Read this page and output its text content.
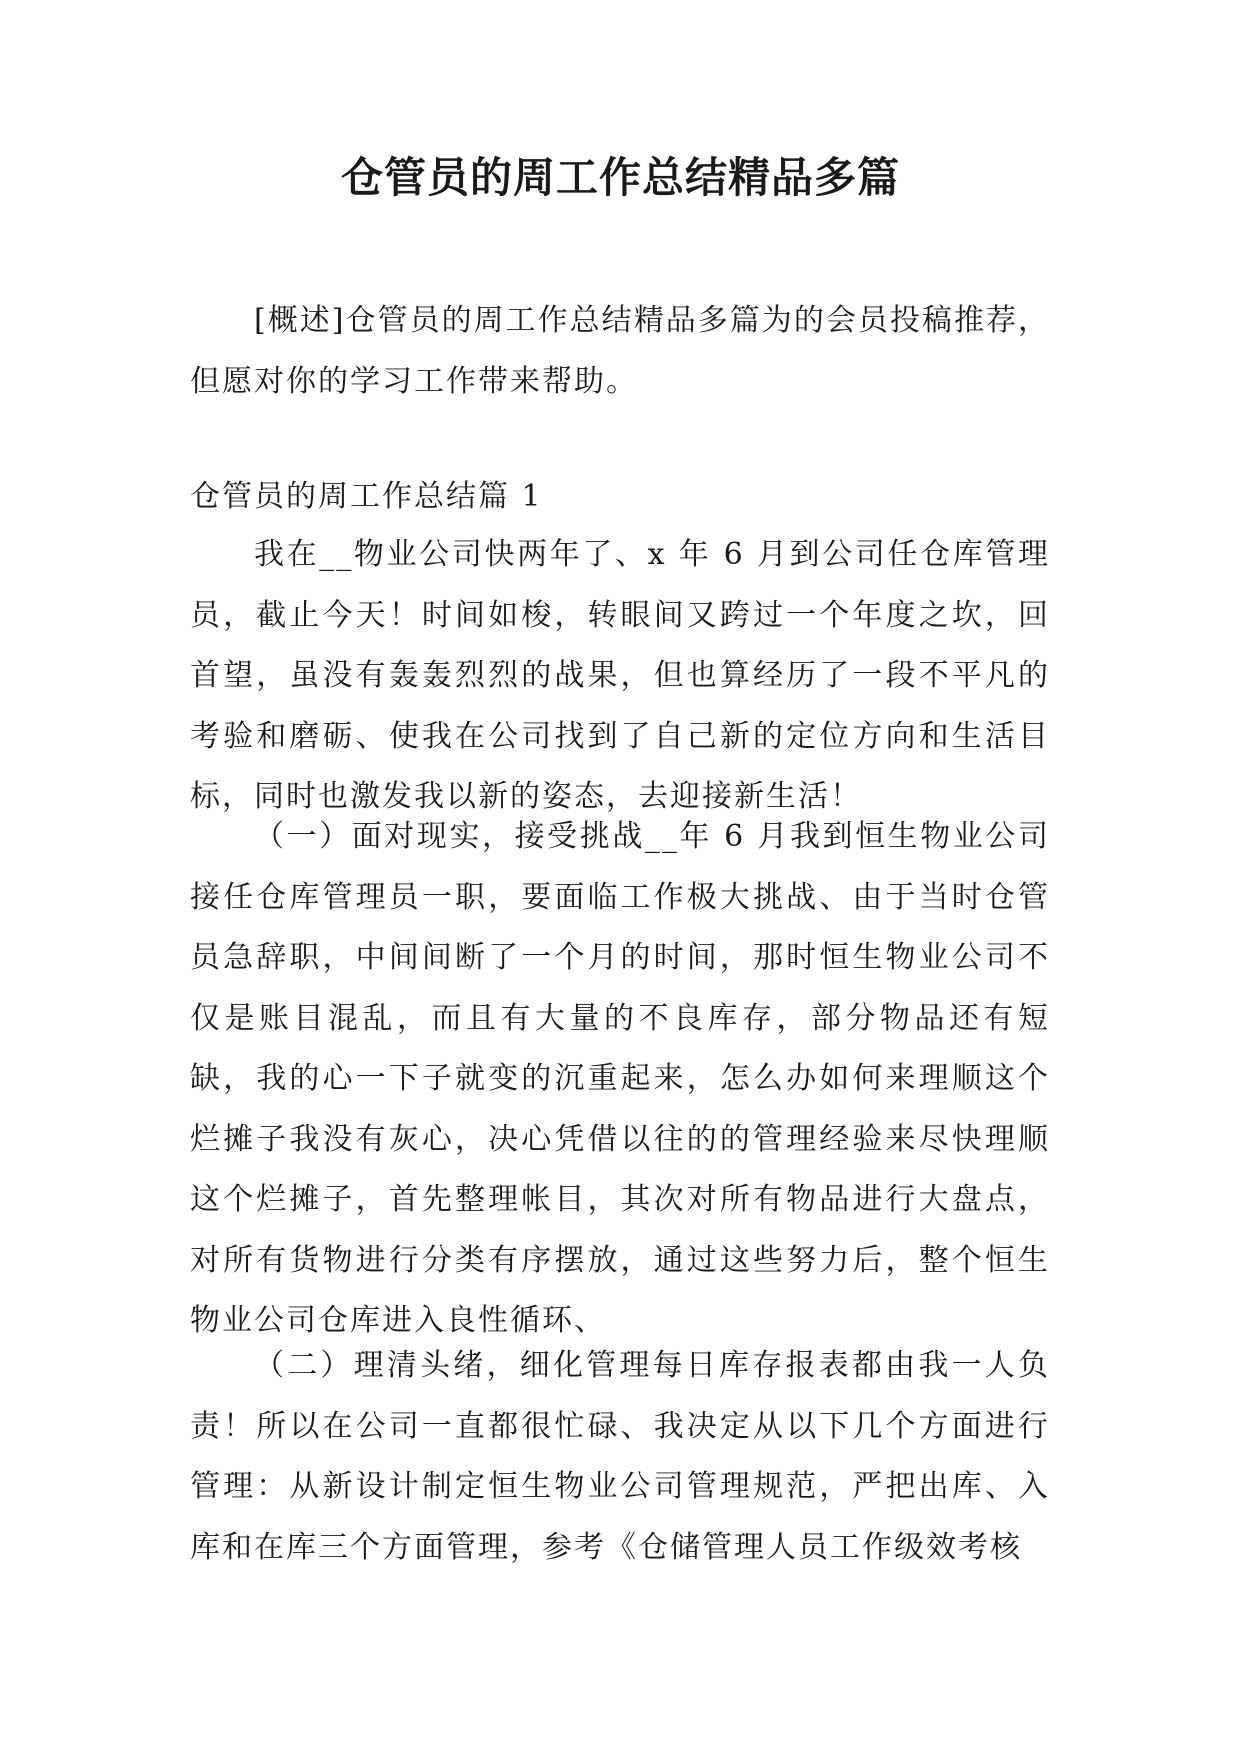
仓管员的周工作总结精品多篇

[概述]仓管员的周工作总结精品多篇为的会员投稿推荐，但愿对你的学习工作带来帮助。

仓管员的周工作总结篇 1

我在__物业公司快两年了、x 年 6 月到公司任仓库管理员，截止今天！时间如梭，转眼间又跨过一个年度之坎，回首望，虽没有轰轰烈烈的战果，但也算经历了一段不平凡的考验和磨砺、使我在公司找到了自己新的定位方向和生活目标，同时也激发我以新的姿态，去迎接新生活！

（一）面对现实，接受挑战__年 6 月我到恒生物业公司接任仓库管理员一职，要面临工作极大挑战、由于当时仓管员急辞职，中间间断了一个月的时间，那时恒生物业公司不仅是账目混乱，而且有大量的不良库存，部分物品还有短缺，我的心一下子就变的沉重起来，怎么办如何来理顺这个烂摊子我没有灰心，决心凭借以往的的管理经验来尽快理顺这个烂摊子，首先整理帐目，其次对所有物品进行大盘点，对所有货物进行分类有序摆放，通过这些努力后，整个恒生物业公司仓库进入良性循环、

（二）理清头绪，细化管理每日库存报表都由我一人负责！所以在公司一直都很忙碌、我决定从以下几个方面进行管理：从新设计制定恒生物业公司管理规范，严把出库、入库和在库三个方面管理，参考《仓储管理人员工作级效考核
